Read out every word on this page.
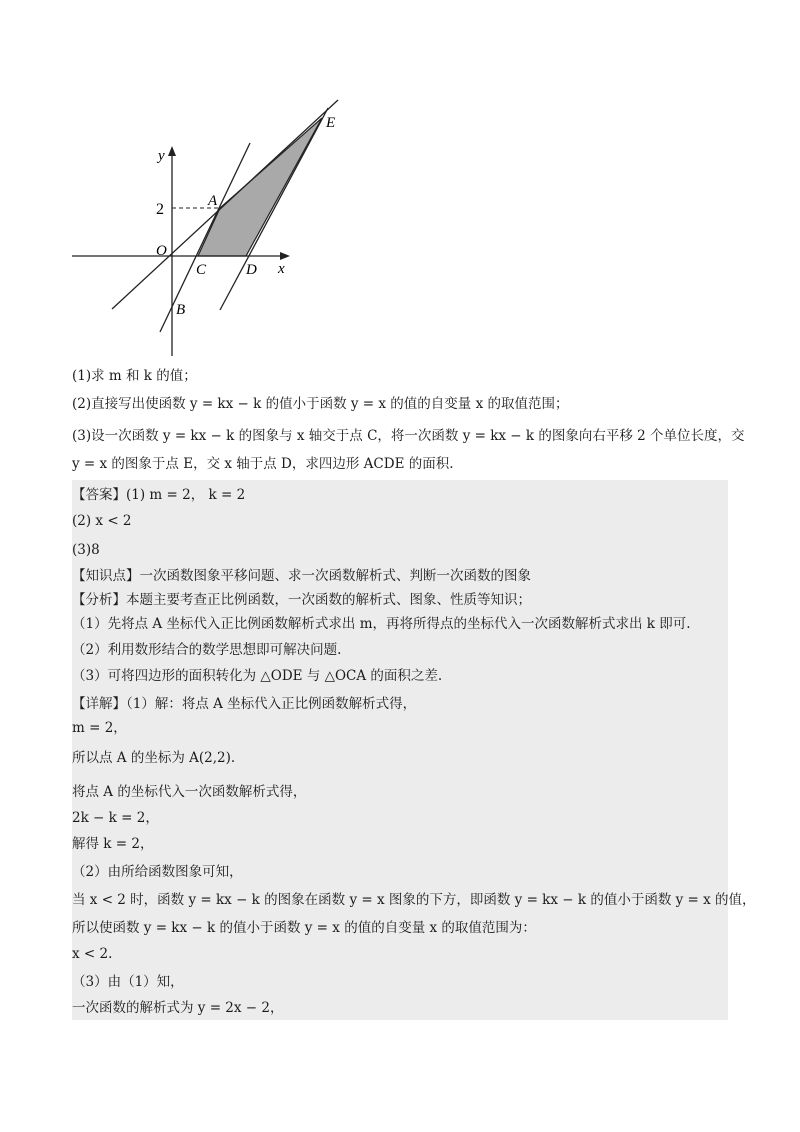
y
x
2
O
A
B
C	D
E
(1)求 m 和 k 的值；
(2)直接写出使函数 y = kx − k 的值小于函数 y = x 的值的自变量 x 的取值范围；
(3)设一次函数 y = kx − k 的图象与 x 轴交于点 C，将一次函数 y = kx − k 的图象向右平移 2 个单位长度，交
y = x 的图象于点 E，交 x 轴于点 D，求四边形 ACDE 的面积.
【答案】(1) m = 2， k = 2
(2) x < 2
(3)8
【知识点】一次函数图象平移问题、求一次函数解析式、判断一次函数的图象
【分析】本题主要考查正比例函数，一次函数的解析式、图象、性质等知识；
（1）先将点 A 坐标代入正比例函数解析式求出 m，再将所得点的坐标代入一次函数解析式求出 k 即可.
（2）利用数形结合的数学思想即可解决问题.
（3）可将四边形的面积转化为 △ODE 与 △OCA 的面积之差.
【详解】（1）解：将点 A 坐标代入正比例函数解析式得，
m = 2，
所以点 A 的坐标为 A(2,2).
将点 A 的坐标代入一次函数解析式得，
2k − k = 2，
解得 k = 2，
（2）由所给函数图象可知，
当 x < 2 时，函数 y = kx − k 的图象在函数 y = x 图象的下方，即函数 y = kx − k 的值小于函数 y = x 的值，
所以使函数 y = kx − k 的值小于函数 y = x 的值的自变量 x 的取值范围为：
x < 2.
（3）由（1）知，
一次函数的解析式为 y = 2x − 2，
